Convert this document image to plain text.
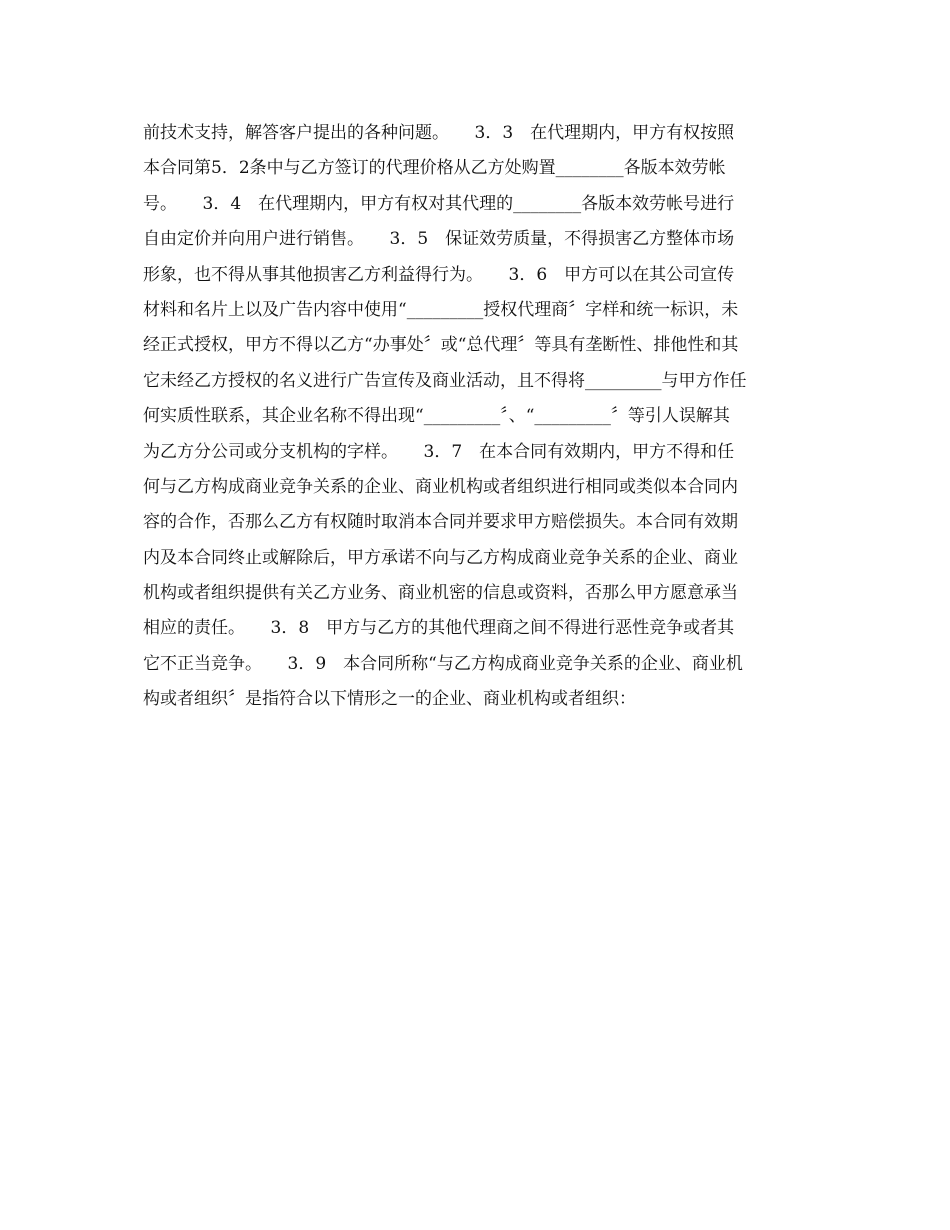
前技术支持，解答客户提出的各种问题。　　3．3　在代理期内，甲方有权按照
本合同第5．2条中与乙方签订的代理价格从乙方处购置________各版本效劳帐
号。　　3．4　在代理期内，甲方有权对其代理的________各版本效劳帐号进行
自由定价并向用户进行销售。　　3．5　保证效劳质量，不得损害乙方整体市场
形象，也不得从事其他损害乙方利益得行为。　　3．6　甲方可以在其公司宣传
材料和名片上以及广告内容中使用“_________授权代理商〞字样和统一标识，未
经正式授权，甲方不得以乙方“办事处〞或“总代理〞等具有垄断性、排他性和其
它未经乙方授权的名义进行广告宣传及商业活动，且不得将_________与甲方作任
何实质性联系，其企业名称不得出现“_________〞、“_________〞等引人误解其
为乙方分公司或分支机构的字样。　　3．7　在本合同有效期内，甲方不得和任
何与乙方构成商业竞争关系的企业、商业机构或者组织进行相同或类似本合同内
容的合作，否那么乙方有权随时取消本合同并要求甲方赔偿损失。本合同有效期
内及本合同终止或解除后，甲方承诺不向与乙方构成商业竞争关系的企业、商业
机构或者组织提供有关乙方业务、商业机密的信息或资料，否那么甲方愿意承当
相应的责任。　　3．8　甲方与乙方的其他代理商之间不得进行恶性竞争或者其
它不正当竞争。　　3．9　本合同所称“与乙方构成商业竞争关系的企业、商业机
构或者组织〞是指符合以下情形之一的企业、商业机构或者组织：
